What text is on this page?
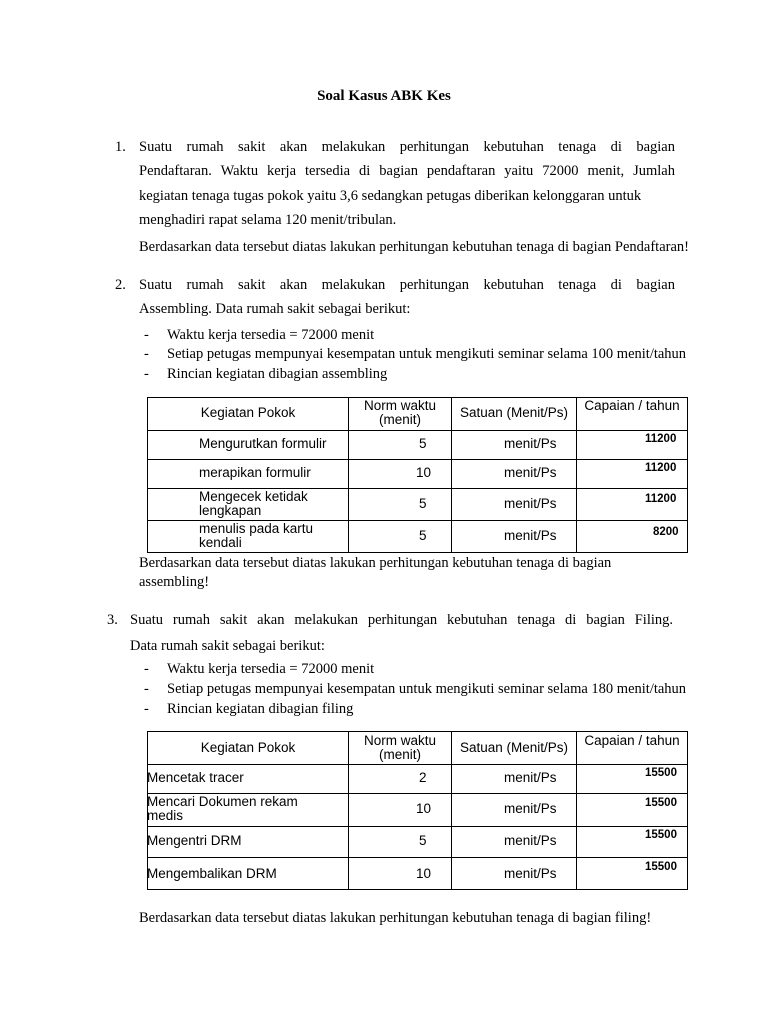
Soal Kasus ABK Kes
1. Suatu rumah sakit akan melakukan perhitungan kebutuhan tenaga di bagian
Pendaftaran. Waktu kerja tersedia di bagian pendaftaran yaitu 72000 menit, Jumlah
kegiatan tenaga tugas pokok yaitu 3,6 sedangkan petugas diberikan kelonggaran untuk
menghadiri rapat selama 120 menit/tribulan.
Berdasarkan data tersebut diatas lakukan perhitungan kebutuhan tenaga di bagian Pendaftaran!
2. Suatu rumah sakit akan melakukan perhitungan kebutuhan tenaga di bagian
Assembling. Data rumah sakit sebagai berikut:
- Waktu kerja tersedia = 72000 menit
- Setiap petugas mempunyai kesempatan untuk mengikuti seminar selama 100 menit/tahun
- Rincian kegiatan dibagian assembling
Kegiatan Pokok	Norm waktu
(menit)	Satuan (Menit/Ps)	Capaian / tahun
Mengurutkan formulir	5	menit/Ps	11200
merapikan formulir	10	menit/Ps	11200
Mengecek ketidak
lengkapan	5	menit/Ps	11200
menulis pada kartu
kendali	5	menit/Ps	8200
Berdasarkan data tersebut diatas lakukan perhitungan kebutuhan tenaga di bagian
assembling!
3. Suatu rumah sakit akan melakukan perhitungan kebutuhan tenaga di bagian Filing.
Data rumah sakit sebagai berikut:
- Waktu kerja tersedia = 72000 menit
- Setiap petugas mempunyai kesempatan untuk mengikuti seminar selama 180 menit/tahun
- Rincian kegiatan dibagian filing
Kegiatan Pokok	Norm waktu
(menit)	Satuan (Menit/Ps)	Capaian / tahun
Mencetak tracer	2	menit/Ps	15500
Mencari Dokumen rekam
medis	10	menit/Ps	15500
Mengentri DRM	5	menit/Ps	15500
Mengembalikan DRM	10	menit/Ps	15500
Berdasarkan data tersebut diatas lakukan perhitungan kebutuhan tenaga di bagian filing!
